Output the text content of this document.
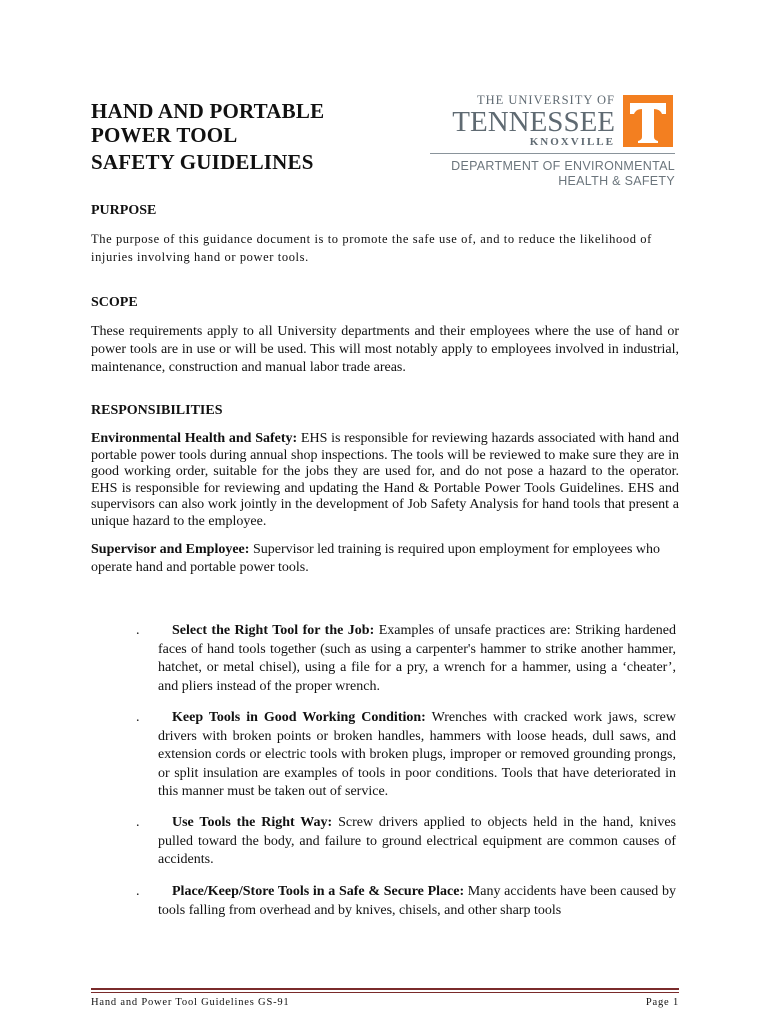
HAND AND PORTABLE
POWER TOOL
SAFETY GUIDELINES
THE UNIVERSITY OF
TENNESSEE
KNOXVILLE
DEPARTMENT OF ENVIRONMENTAL
HEALTH & SAFETY
PURPOSE

The purpose of this guidance document is to promote the safe use of, and to reduce the likelihood of injuries involving hand or power tools.

SCOPE

These requirements apply to all University departments and their employees where the use of hand or power tools are in use or will be used. This will most notably apply to employees involved in industrial, maintenance, construction and manual labor trade areas.

RESPONSIBILITIES

Environmental Health and Safety: EHS is responsible for reviewing hazards associated with hand and portable power tools during annual shop inspections. The tools will be reviewed to make sure they are in good working order, suitable for the jobs they are used for, and do not pose a hazard to the operator. EHS is responsible for reviewing and updating the Hand & Portable Power Tools Guidelines. EHS and supervisors can also work jointly in the development of Job Safety Analysis for hand tools that present a unique hazard to the employee.

Supervisor and Employee: Supervisor led training is required upon employment for employees who operate hand and portable power tools.

.	Select the Right Tool for the Job: Examples of unsafe practices are: Striking hardened faces of hand tools together (such as using a carpenter's hammer to strike another hammer, hatchet, or metal chisel), using a file for a pry, a wrench for a hammer, using a ‘cheater’, and pliers instead of the proper wrench.
.	Keep Tools in Good Working Condition: Wrenches with cracked work jaws, screw drivers with broken points or broken handles, hammers with loose heads, dull saws, and extension cords or electric tools with broken plugs, improper or removed grounding prongs, or split insulation are examples of tools in poor conditions. Tools that have deteriorated in this manner must be taken out of service.
.	Use Tools the Right Way: Screw drivers applied to objects held in the hand, knives pulled toward the body, and failure to ground electrical equipment are common causes of accidents.
.	Place/Keep/Store Tools in a Safe & Secure Place: Many accidents have been caused by tools falling from overhead and by knives, chisels, and other sharp tools
Hand and Power Tool Guidelines GS-91	Page 1
